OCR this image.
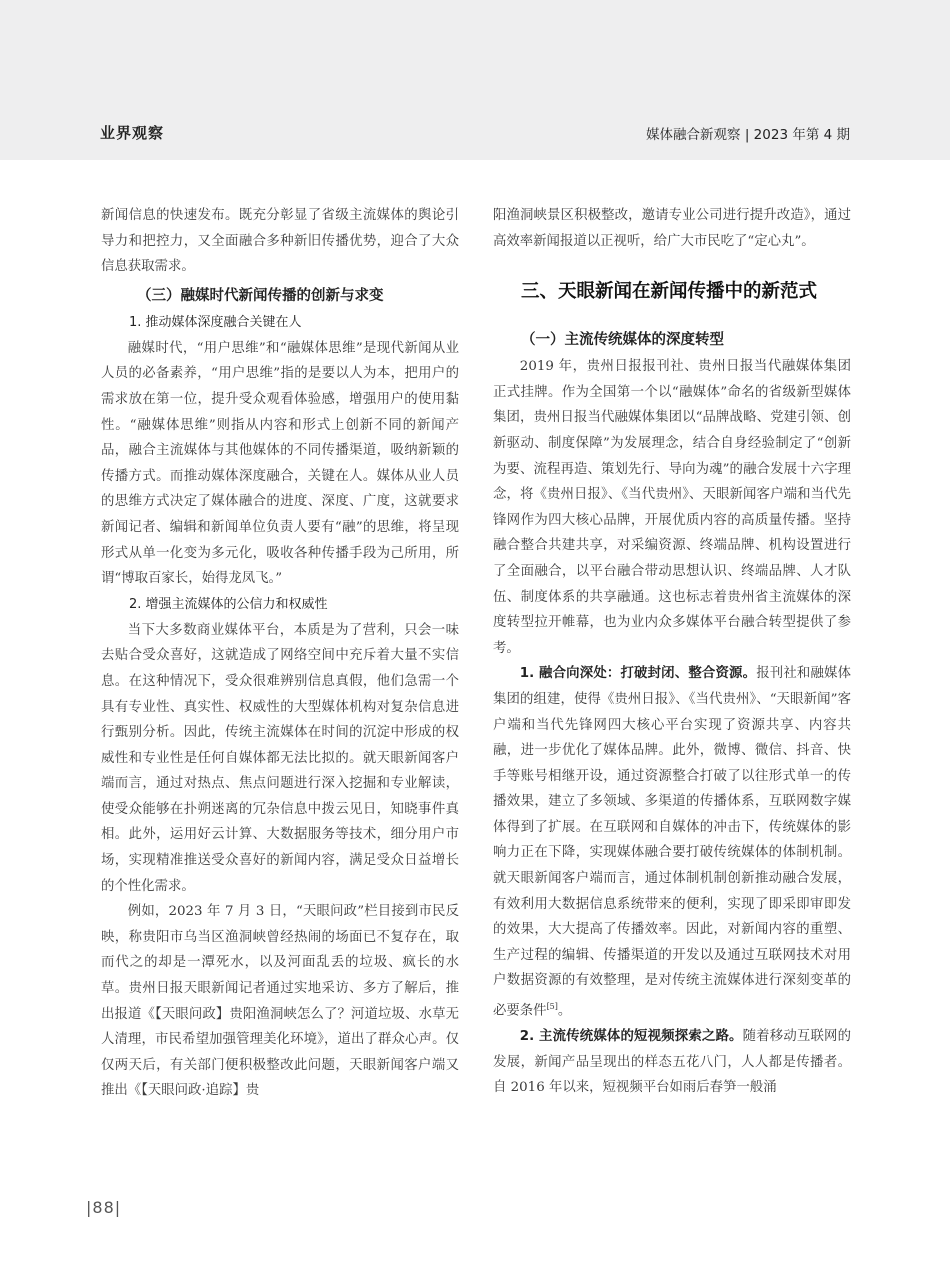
业界观察	媒体融合新观察 | 2023 年第 4 期

新闻信息的快速发布。既充分彰显了省级主流媒体的舆论引导力和把控力，又全面融合多种新旧传播优势，迎合了大众信息获取需求。

（三）融媒时代新闻传播的创新与求变
1. 推动媒体深度融合关键在人

融媒时代，“用户思维”和“融媒体思维”是现代新闻从业人员的必备素养，“用户思维”指的是要以人为本，把用户的需求放在第一位，提升受众观看体验感，增强用户的使用黏性。“融媒体思维”则指从内容和形式上创新不同的新闻产品，融合主流媒体与其他媒体的不同传播渠道，吸纳新颖的传播方式。而推动媒体深度融合，关键在人。媒体从业人员的思维方式决定了媒体融合的进度、深度、广度，这就要求新闻记者、编辑和新闻单位负责人要有“融”的思维，将呈现形式从单一化变为多元化，吸收各种传播手段为己所用，所谓“博取百家长，始得龙凤飞。”

2. 增强主流媒体的公信力和权威性

当下大多数商业媒体平台，本质是为了营利，只会一味去贴合受众喜好，这就造成了网络空间中充斥着大量不实信息。在这种情况下，受众很难辨别信息真假，他们急需一个具有专业性、真实性、权威性的大型媒体机构对复杂信息进行甄别分析。因此，传统主流媒体在时间的沉淀中形成的权威性和专业性是任何自媒体都无法比拟的。就天眼新闻客户端而言，通过对热点、焦点问题进行深入挖掘和专业解读，使受众能够在扑朔迷离的冗杂信息中拨云见日，知晓事件真相。此外，运用好云计算、大数据服务等技术，细分用户市场，实现精准推送受众喜好的新闻内容，满足受众日益增长的个性化需求。

例如，2023 年 7 月 3 日，“天眼问政”栏目接到市民反映，称贵阳市乌当区渔洞峡曾经热闹的场面已不复存在，取而代之的却是一潭死水，以及河面乱丢的垃圾、疯长的水草。贵州日报天眼新闻记者通过实地采访、多方了解后，推出报道《【天眼问政】贵阳渔洞峡怎么了？河道垃圾、水草无人清理，市民希望加强管理美化环境》，道出了群众心声。仅仅两天后，有关部门便积极整改此问题，天眼新闻客户端又推出《【天眼问政·追踪】贵

阳渔洞峡景区积极整改，邀请专业公司进行提升改造》，通过高效率新闻报道以正视听，给广大市民吃了“定心丸”。

三、天眼新闻在新闻传播中的新范式
（一）主流传统媒体的深度转型

2019 年，贵州日报报刊社、贵州日报当代融媒体集团正式挂牌。作为全国第一个以“融媒体”命名的省级新型媒体集团，贵州日报当代融媒体集团以“品牌战略、党建引领、创新驱动、制度保障”为发展理念，结合自身经验制定了“创新为要、流程再造、策划先行、导向为魂”的融合发展十六字理念，将《贵州日报》、《当代贵州》、天眼新闻客户端和当代先锋网作为四大核心品牌，开展优质内容的高质量传播。坚持融合整合共建共享，对采编资源、终端品牌、机构设置进行了全面融合，以平台融合带动思想认识、终端品牌、人才队伍、制度体系的共享融通。这也标志着贵州省主流媒体的深度转型拉开帷幕，也为业内众多媒体平台融合转型提供了参考。

1. 融合向深处：打破封闭、整合资源。报刊社和融媒体集团的组建，使得《贵州日报》、《当代贵州》、“天眼新闻”客户端和当代先锋网四大核心平台实现了资源共享、内容共融，进一步优化了媒体品牌。此外，微博、微信、抖音、快手等账号相继开设，通过资源整合打破了以往形式单一的传播效果，建立了多领域、多渠道的传播体系，互联网数字媒体得到了扩展。在互联网和自媒体的冲击下，传统媒体的影响力正在下降，实现媒体融合要打破传统媒体的体制机制。就天眼新闻客户端而言，通过体制机制创新推动融合发展，有效利用大数据信息系统带来的便利，实现了即采即审即发的效果，大大提高了传播效率。因此，对新闻内容的重塑、生产过程的编辑、传播渠道的开发以及通过互联网技术对用户数据资源的有效整理，是对传统主流媒体进行深刻变革的必要条件[5]。

2. 主流传统媒体的短视频探索之路。随着移动互联网的发展，新闻产品呈现出的样态五花八门，人人都是传播者。自 2016 年以来，短视频平台如雨后春笋一般涌

|88|
